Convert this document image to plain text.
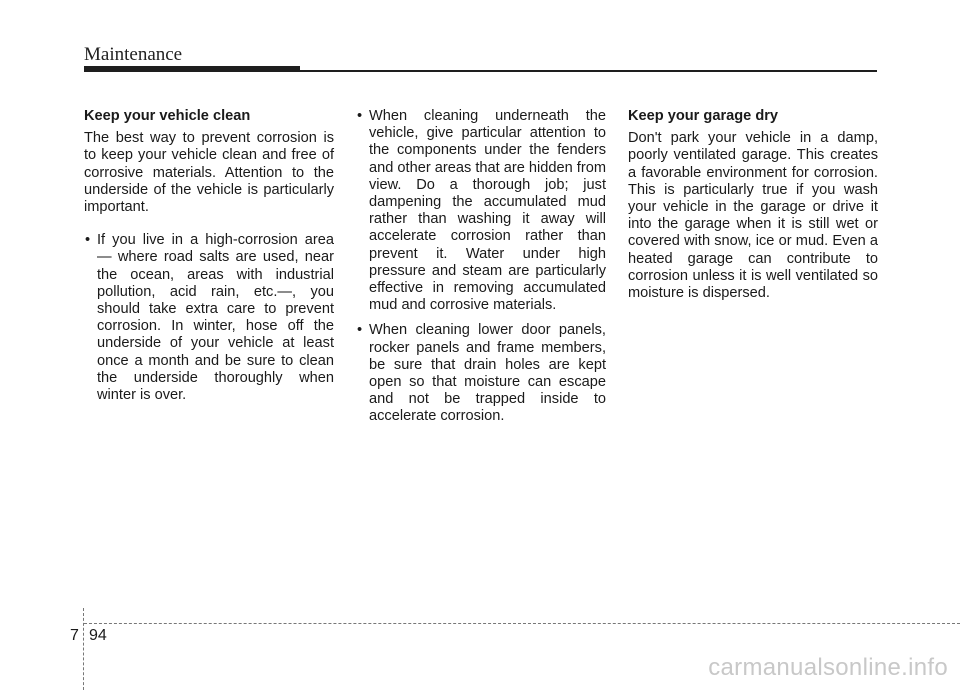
Maintenance
Keep your vehicle clean

The best way to prevent corrosion is to keep your vehicle clean and free of corrosive materials. Attention to the underside of the vehicle is particularly important.

• If you live in a high-corrosion area — where road salts are used, near the ocean, areas with industrial pollution, acid rain, etc.—, you should take extra care to prevent corrosion. In winter, hose off the underside of your vehicle at least once a month and be sure to clean the underside thoroughly when winter is over.
• When cleaning underneath the vehicle, give particular attention to the components under the fenders and other areas that are hidden from view. Do a thorough job; just dampening the accumulated mud rather than washing it away will accelerate corrosion rather than prevent it. Water under high pressure and steam are particularly effective in removing accumulated mud and corrosive materials.
• When cleaning lower door panels, rocker panels and frame members, be sure that drain holes are kept open so that moisture can escape and not be trapped inside to accelerate corrosion.
Keep your garage dry

Don't park your vehicle in a damp, poorly ventilated garage. This creates a favorable environment for corrosion. This is particularly true if you wash your vehicle in the garage or drive it into the garage when it is still wet or covered with snow, ice or mud. Even a heated garage can contribute to corrosion unless it is well ventilated so moisture is dispersed.

7 94
carmanualsonline.info
